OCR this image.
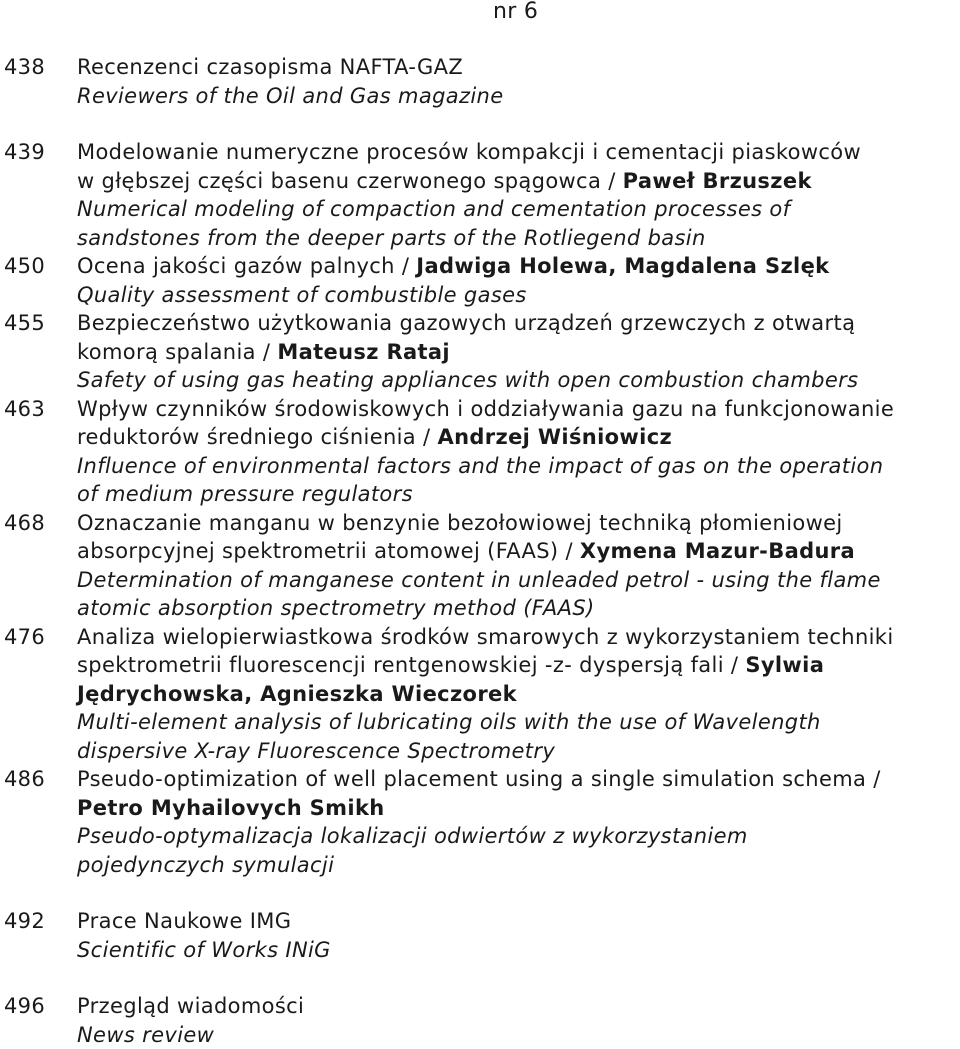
nr 6
438 Recenzenci czasopisma NAFTA-GAZ
Reviewers of the Oil and Gas magazine
439 Modelowanie numeryczne procesów kompakcji i cementacji piaskowców
w głębszej części basenu czerwonego spągowca / Paweł Brzuszek
Numerical modeling of compaction and cementation processes of
sandstones from the deeper parts of the Rotliegend basin
450 Ocena jakości gazów palnych / Jadwiga Holewa, Magdalena Szlęk
Quality assessment of combustible gases
455 Bezpieczeństwo użytkowania gazowych urządzeń grzewczych z otwartą
komorą spalania / Mateusz Rataj
Safety of using gas heating appliances with open combustion chambers
463 Wpływ czynników środowiskowych i oddziaływania gazu na funkcjonowanie
reduktorów średniego ciśnienia / Andrzej Wiśniowicz
Influence of environmental factors and the impact of gas on the operation
of medium pressure regulators
468 Oznaczanie manganu w benzynie bezołowiowej techniką płomieniowej
absorpcyjnej spektrometrii atomowej (FAAS) / Xymena Mazur-Badura
Determination of manganese content in unleaded petrol - using the flame
atomic absorption spectrometry method (FAAS)
476 Analiza wielopierwiastkowa środków smarowych z wykorzystaniem techniki
spektrometrii fluorescencji rentgenowskiej -z- dyspersją fali / Sylwia
Jędrychowska, Agnieszka Wieczorek
Multi-element analysis of lubricating oils with the use of Wavelength
dispersive X-ray Fluorescence Spectrometry
486 Pseudo-optimization of well placement using a single simulation schema /
Petro Myhailovych Smikh
Pseudo-optymalizacja lokalizacji odwiertów z wykorzystaniem
pojedynczych symulacji
492 Prace Naukowe IMG
Scientific of Works INiG
496 Przegląd wiadomości
News review
